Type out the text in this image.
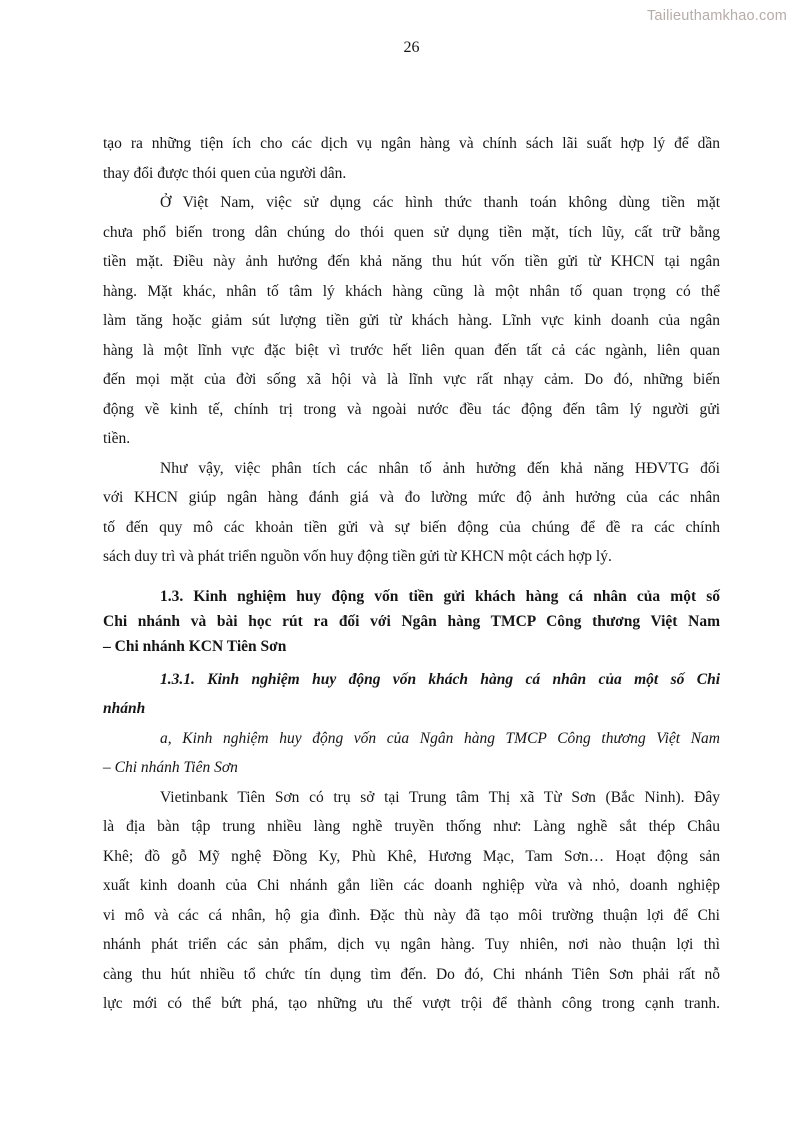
Tailieuthamkhao.com
26
tạo ra những tiện ích cho các dịch vụ ngân hàng và chính sách lãi suất hợp lý để dần
thay đổi được thói quen của người dân.
Ở Việt Nam, việc sử dụng các hình thức thanh toán không dùng tiền mặt
chưa phổ biến trong dân chúng do thói quen sử dụng tiền mặt, tích lũy, cất trữ bằng
tiền mặt. Điều này ảnh hưởng đến khả năng thu hút vốn tiền gửi từ KHCN tại ngân
hàng. Mặt khác, nhân tố tâm lý khách hàng cũng là một nhân tố quan trọng có thể
làm tăng hoặc giảm sút lượng tiền gửi từ khách hàng. Lĩnh vực kinh doanh của ngân
hàng là một lĩnh vực đặc biệt vì trước hết liên quan đến tất cả các ngành, liên quan
đến mọi mặt của đời sống xã hội và là lĩnh vực rất nhạy cảm. Do đó, những biến
động về kinh tế, chính trị trong và ngoài nước đều tác động đến tâm lý người gửi
tiền.
Như vậy, việc phân tích các nhân tố ảnh hưởng đến khả năng HĐVTG đối
với KHCN giúp ngân hàng đánh giá và đo lường mức độ ảnh hưởng của các nhân
tố đến quy mô các khoản tiền gửi và sự biến động của chúng để đề ra các chính
sách duy trì và phát triển nguồn vốn huy động tiền gửi từ KHCN một cách hợp lý.
1.3. Kinh nghiệm huy động vốn tiền gửi khách hàng cá nhân của một số
Chi nhánh và bài học rút ra đối với Ngân hàng TMCP Công thương Việt Nam
– Chi nhánh KCN Tiên Sơn
1.3.1. Kinh nghiệm huy động vốn khách hàng cá nhân của một số Chi
nhánh
a, Kinh nghiệm huy động vốn của Ngân hàng TMCP Công thương Việt Nam
– Chi nhánh Tiên Sơn
Vietinbank Tiên Sơn có trụ sở tại Trung tâm Thị xã Từ Sơn (Bắc Ninh). Đây
là địa bàn tập trung nhiều làng nghề truyền thống như: Làng nghề sắt thép Châu
Khê; đồ gỗ Mỹ nghệ Đồng Ky, Phù Khê, Hương Mạc, Tam Sơn… Hoạt động sản
xuất kinh doanh của Chi nhánh gắn liền các doanh nghiệp vừa và nhỏ, doanh nghiệp
vi mô và các cá nhân, hộ gia đình. Đặc thù này đã tạo môi trường thuận lợi để Chi
nhánh phát triển các sản phẩm, dịch vụ ngân hàng. Tuy nhiên, nơi nào thuận lợi thì
càng thu hút nhiều tổ chức tín dụng tìm đến. Do đó, Chi nhánh Tiên Sơn phải rất nỗ
lực mới có thể bứt phá, tạo những ưu thế vượt trội để thành công trong cạnh tranh.
